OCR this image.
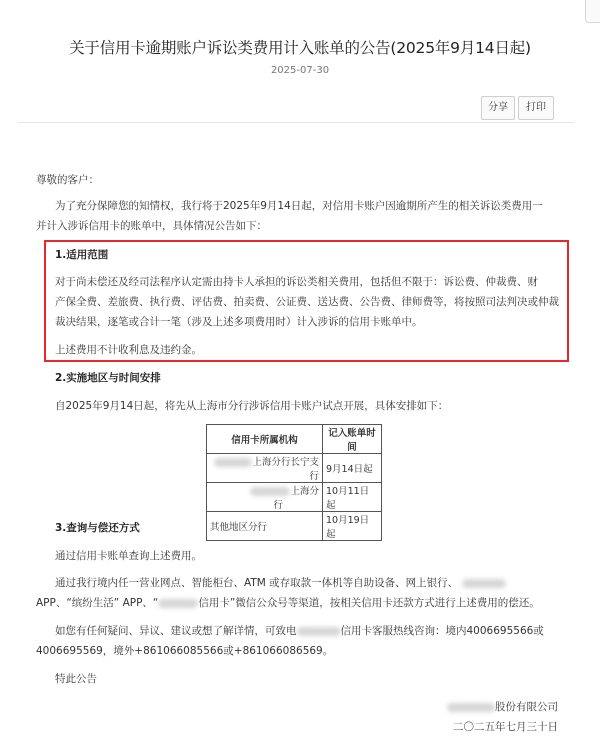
关于信用卡逾期账户诉讼类费用计入账单的公告(2025年9月14日起)
2025-07-30
分享	打印
尊敬的客户：
为了充分保障您的知情权，我行将于2025年9月14日起，对信用卡账户因逾期所产生的相关诉讼类费用一
并计入涉诉信用卡的账单中，具体情况公告如下：
1.适用范围
对于尚未偿还及经司法程序认定需由持卡人承担的诉讼类相关费用，包括但不限于：诉讼费、仲裁费、财
产保全费、差旅费、执行费、评估费、拍卖费、公证费、送达费、公告费、律师费等，将按照司法判决或仲裁
裁决结果，逐笔或合计一笔（涉及上述多项费用时）计入涉诉的信用卡账单中。
上述费用不计收利息及违约金。
2.实施地区与时间安排
自2025年9月14日起，将先从上海市分行涉诉信用卡账户试点开展，具体安排如下：
信用卡所属机构	记入账单时间
上海分行长宁支行	9月14日起
上海分行	10月11日起
其他地区分行	10月19日起
3.查询与偿还方式
通过信用卡账单查询上述费用。
通过我行境内任一营业网点、智能柜台、ATM 或存取款一体机等自助设备、网上银行、
APP、“缤纷生活” APP、“	信用卡”微信公众号等渠道，按相关信用卡还款方式进行上述费用的偿还。
如您有任何疑问、异议、建议或想了解详情，可致电	信用卡客服热线咨询：境内4006695566或
4006695569，境外+861066085566或+861066086569。
特此公告
股份有限公司
二〇二五年七月三十日
